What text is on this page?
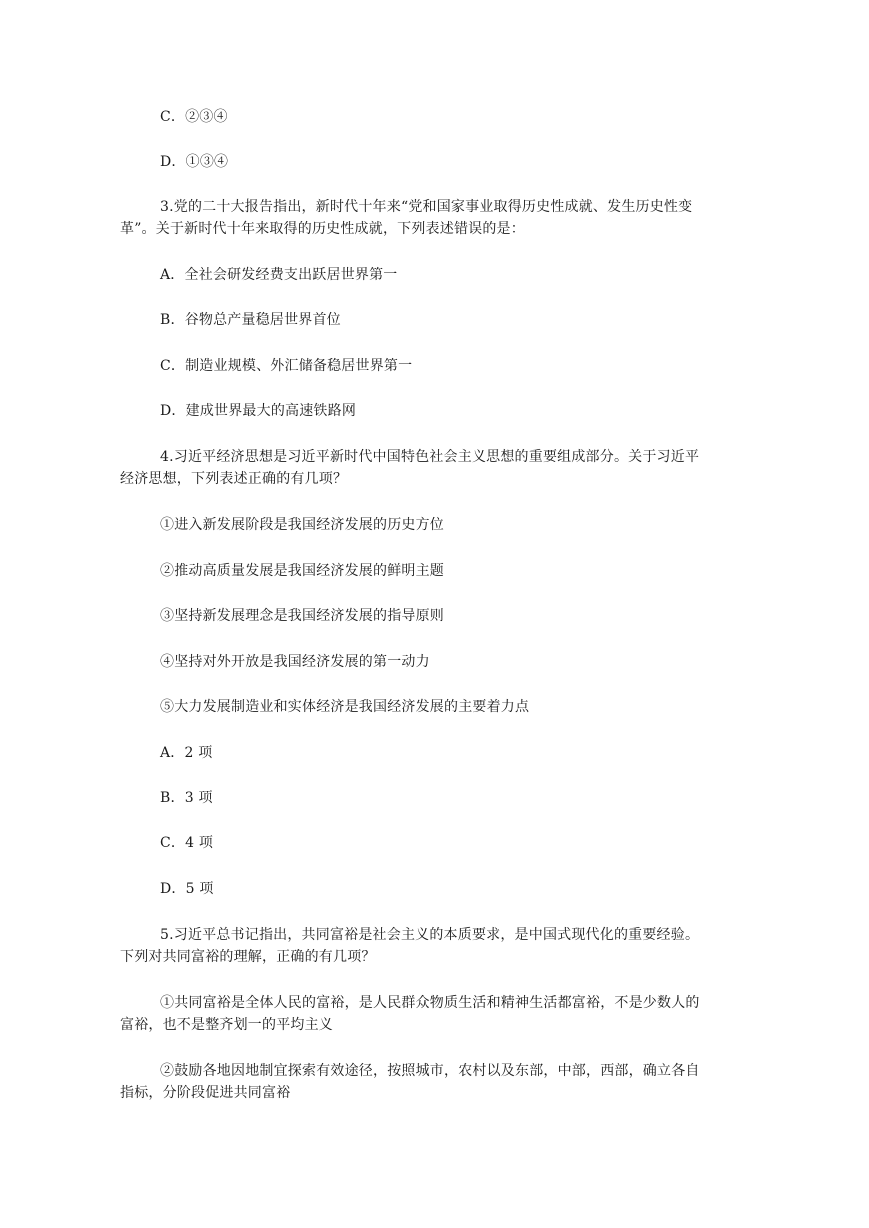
C．②③④
D．①③④
3.党的二十大报告指出，新时代十年来“党和国家事业取得历史性成就、发生历史性变
革”。关于新时代十年来取得的历史性成就，下列表述错误的是：
A．全社会研发经费支出跃居世界第一
B．谷物总产量稳居世界首位
C．制造业规模、外汇储备稳居世界第一
D．建成世界最大的高速铁路网
4.习近平经济思想是习近平新时代中国特色社会主义思想的重要组成部分。关于习近平
经济思想，下列表述正确的有几项？
①进入新发展阶段是我国经济发展的历史方位
②推动高质量发展是我国经济发展的鲜明主题
③坚持新发展理念是我国经济发展的指导原则
④坚持对外开放是我国经济发展的第一动力
⑤大力发展制造业和实体经济是我国经济发展的主要着力点
A．2 项
B．3 项
C．4 项
D．5 项
5.习近平总书记指出，共同富裕是社会主义的本质要求，是中国式现代化的重要经验。
下列对共同富裕的理解，正确的有几项？
①共同富裕是全体人民的富裕，是人民群众物质生活和精神生活都富裕，不是少数人的
富裕，也不是整齐划一的平均主义
②鼓励各地因地制宜探索有效途径，按照城市，农村以及东部，中部，西部，确立各自
指标，分阶段促进共同富裕
